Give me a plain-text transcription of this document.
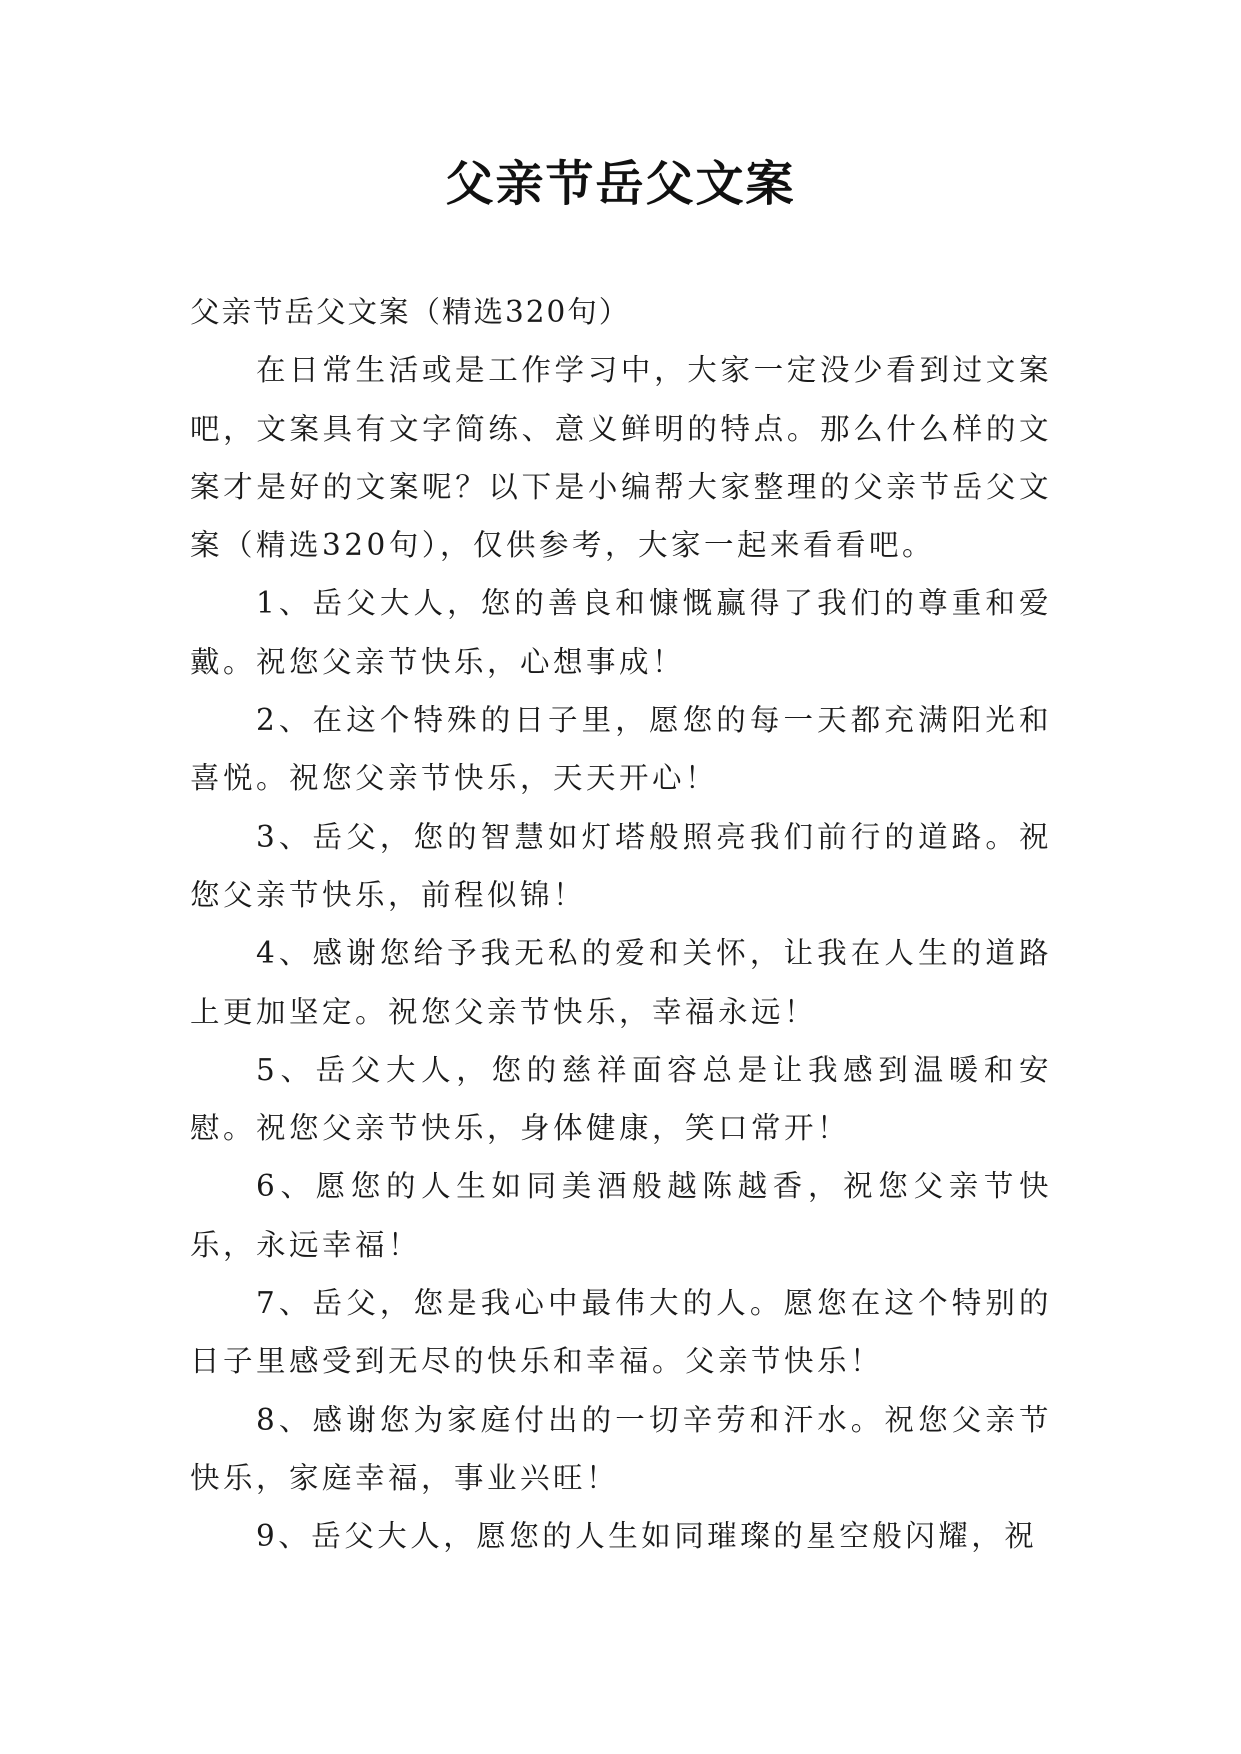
父亲节岳父文案

父亲节岳父文案（精选320句）

在日常生活或是工作学习中，大家一定没少看到过文案吧，文案具有文字简练、意义鲜明的特点。那么什么样的文案才是好的文案呢？以下是小编帮大家整理的父亲节岳父文案（精选320句），仅供参考，大家一起来看看吧。

1、岳父大人，您的善良和慷慨赢得了我们的尊重和爱戴。祝您父亲节快乐，心想事成！

2、在这个特殊的日子里，愿您的每一天都充满阳光和喜悦。祝您父亲节快乐，天天开心！

3、岳父，您的智慧如灯塔般照亮我们前行的道路。祝您父亲节快乐，前程似锦！

4、感谢您给予我无私的爱和关怀，让我在人生的道路上更加坚定。祝您父亲节快乐，幸福永远！

5、岳父大人，您的慈祥面容总是让我感到温暖和安慰。祝您父亲节快乐，身体健康，笑口常开！

6、愿您的人生如同美酒般越陈越香，祝您父亲节快乐，永远幸福！

7、岳父，您是我心中最伟大的人。愿您在这个特别的日子里感受到无尽的快乐和幸福。父亲节快乐！

8、感谢您为家庭付出的一切辛劳和汗水。祝您父亲节快乐，家庭幸福，事业兴旺！

9、岳父大人，愿您的人生如同璀璨的星空般闪耀，祝
